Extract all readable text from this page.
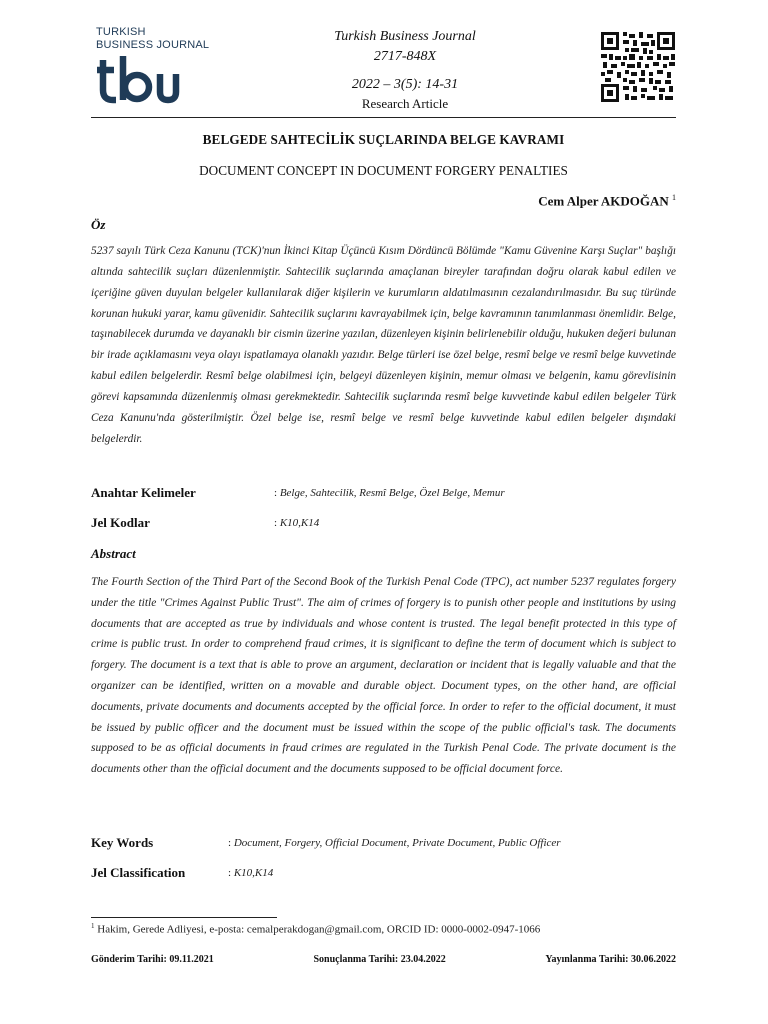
TURKISH
BUSINESS JOURNAL
tbj
Turkish Business Journal
2717-848X
2022 – 3(5): 14-31
Research Article
BELGEDE SAHTECİLİK SUÇLARINDA BELGE KAVRAMI
DOCUMENT CONCEPT IN DOCUMENT FORGERY PENALTIES
Cem Alper AKDOĞAN $^1$
Öz
5237 sayılı Türk Ceza Kanunu (TCK)'nun İkinci Kitap Üçüncü Kısım Dördüncü Bölümde "Kamu Güvenine Karşı Suçlar" başlığı altında sahtecilik suçları düzenlenmiştir. Sahtecilik suçlarında amaçlanan bireyler tarafından doğru olarak kabul edilen ve içeriğine güven duyulan belgeler kullanılarak diğer kişilerin ve kurumların aldatılmasının cezalandırılmasıdır. Bu suç türünde korunan hukuki yarar, kamu güvenidir. Sahtecilik suçlarını kavrayabilmek için, belge kavramının tanımlanması önemlidir. Belge, taşınabilecek durumda ve dayanaklı bir cismin üzerine yazılan, düzenleyen kişinin belirlenebilir olduğu, hukuken değeri bulunan bir irade açıklamasını veya olayı ispatlamaya olanaklı yazıdır. Belge türleri ise özel belge, resmî belge ve resmî belge kuvvetinde kabul edilen belgelerdir. Resmî belge olabilmesi için, belgeyi düzenleyen kişinin, memur olması ve belgenin, kamu görevlisinin görevi kapsamında düzenlenmiş olması gerekmektedir. Sahtecilik suçlarında resmî belge kuvvetinde kabul edilen belgeler Türk Ceza Kanunu'nda gösterilmiştir. Özel belge ise, resmî belge ve resmî belge kuvvetinde kabul edilen belgeler dışındaki belgelerdir.
Anahtar Kelimeler	: Belge, Sahtecilik, Resmî Belge, Özel Belge, Memur
Jel Kodlar	: K10,K14
Abstract
The Fourth Section of the Third Part of the Second Book of the Turkish Penal Code (TPC), act number 5237 regulates forgery under the title "Crimes Against Public Trust". The aim of crimes of forgery is to punish other people and institutions by using documents that are accepted as true by individuals and whose content is trusted. The legal benefit protected in this type of crime is public trust. In order to comprehend fraud crimes, it is significant to define the term of document which is subject to forgery. The document is a text that is able to prove an argument, declaration or incident that is legally valuable and that the organizer can be identified, written on a movable and durable object. Document types, on the other hand, are official documents, private documents and documents accepted by the official force. In order to refer to the official document, it must be issued by public officer and the document must be issued within the scope of the public official's task. The documents supposed to be as official documents in fraud crimes are regulated in the Turkish Penal Code. The private document is the documents other than the official document and the documents supposed to be official document force.
Key Words	: Document, Forgery, Official Document, Private Document, Public Officer
Jel Classification	: K10,K14
$^1$ Hakim, Gerede Adliyesi, e-posta: cemalperakdogan@gmail.com, ORCID ID: 0000-0002-0947-1066
Gönderim Tarihi: 09.11.2021	Sonuçlanma Tarihi: 23.04.2022	Yayınlanma Tarihi: 30.06.2022
